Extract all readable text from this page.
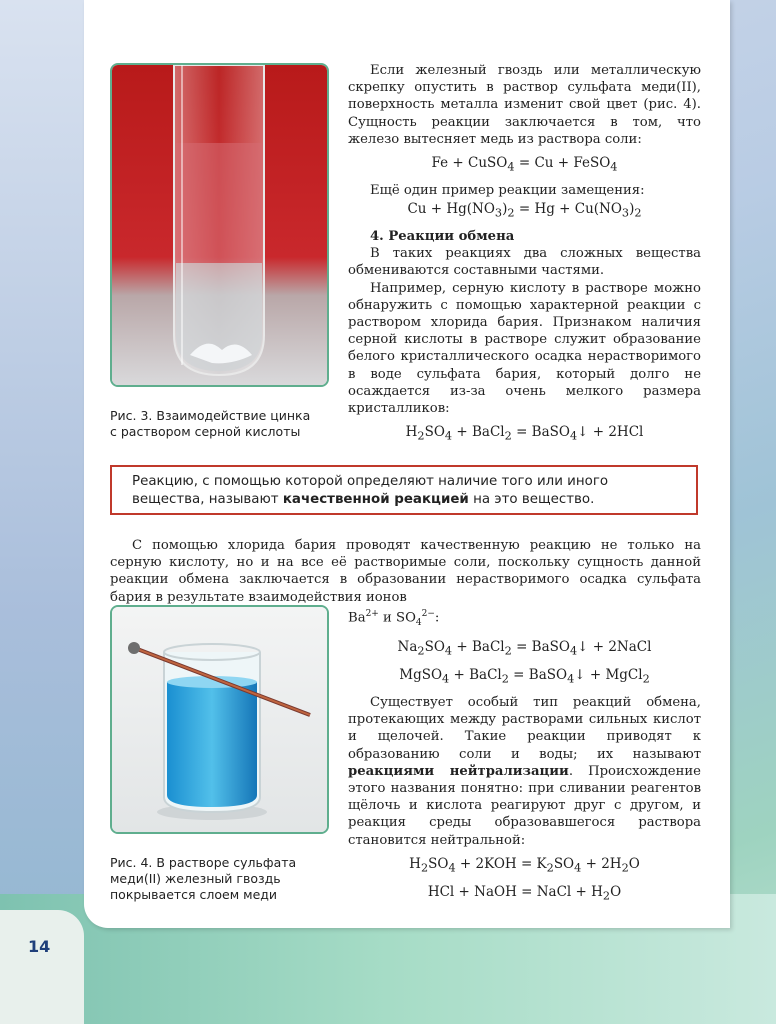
14
Рис. 3. Взаимодействие цинка
с раствором серной кислоты

Если железный гвоздь или металлическую скрепку опустить в раствор сульфата меди(II), поверхность металла изменит свой цвет (рис. 4). Сущность реакции заключается в том, что железо вытесняет медь из раствора соли:

Fe + CuSO$_4$ = Cu + FeSO$_4$

Ещё один пример реакции замещения:

$Cu + Hg(NO_3)_2 = Hg + Cu(NO_3)_2$
4. Реакции обмена

В таких реакциях два сложных вещества обмениваются составными частями.

Например, серную кислоту в растворе можно обнаружить с помощью характерной реакции с раствором хлорида бария. Признаком наличия серной кислоты в растворе служит образование белого кристаллического осадка нерастворимого в воде сульфата бария, который долго не осаждается из-за очень мелкого размера кристалликов:

$H_2SO_4$ + BaCl$_2$ = BaSO$_4$↓ + 2HCl
Реакцию, с помощью которой определяют наличие того или иного вещества, называют качественной реакцией на это вещество.

С помощью хлорида бария проводят качественную реакцию не только на серную кислоту, но и на все её растворимые соли, поскольку сущность данной реакции обмена заключается в образовании нерастворимого осадка сульфата бария в результате взаимодействия ионов

Рис. 4. В растворе сульфата
меди(II) железный гвоздь
покрывается слоем меди
$Ba^{2+}$ и $SO_4^{2-}$:
$Na_2SO_4$ + BaCl$_2$ = BaSO$_4$↓ + 2NaCl
MgSO$_4$ + BaCl$_2$ = BaSO$_4$↓ + MgCl$_2$

Существует особый тип реакций обмена, протекающих между растворами сильных кислот и щелочей. Такие реакции приводят к образованию соли и воды; их называют реакциями нейтрализации. Происхождение этого названия понятно: при сливании реагентов щёлочь и кислота реагируют друг с другом, и реакция среды образовавшегося раствора становится нейтральной:

$H_2SO_4 + 2KOH = K_2SO_4 + 2H_2O$
HCl + NaOH = NaCl + $H_2O$
